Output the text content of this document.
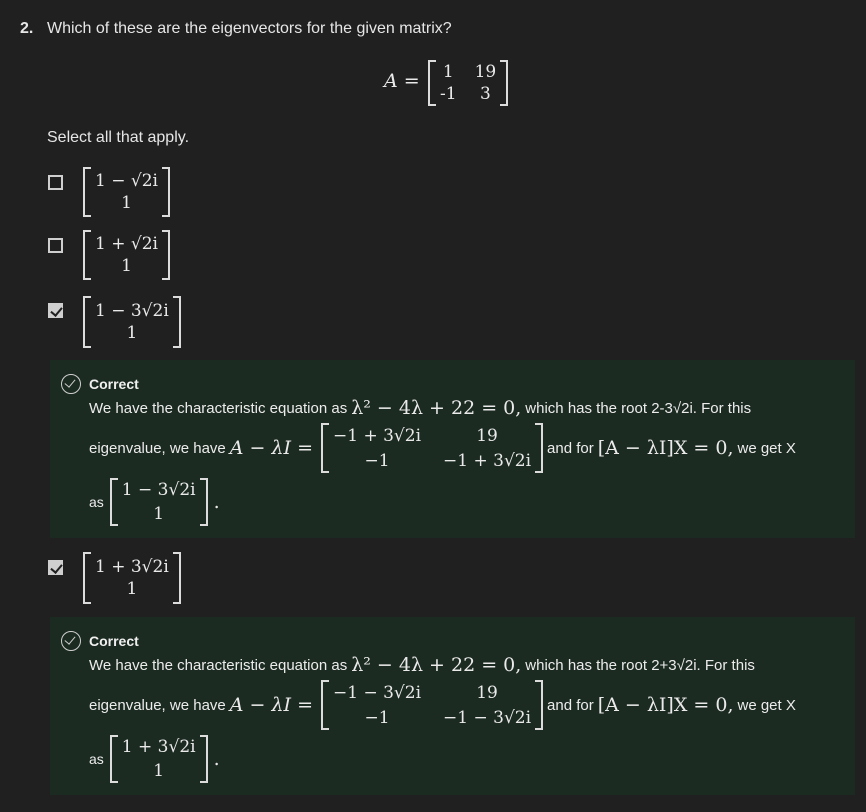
2. Which of these are the eigenvectors for the given matrix?
A = 1 19
-1 3
Select all that apply.
1 − √2i
1
1 + √2i
1
1 − 3√2i
1
Correct
We have the characteristic equation as λ² − 4λ + 22 = 0, which has the root 2-3√2i. For this
eigenvalue, we have A − λI =
−1 + 3√2i	19
−1	−1 + 3√2i
and for [A − λI]X = 0, we get X
as
1 − 3√2i
1
.
1 + 3√2i
1
Correct
We have the characteristic equation as λ² − 4λ + 22 = 0, which has the root 2+3√2i. For this
eigenvalue, we have A − λI =
−1 − 3√2i	19
−1	−1 − 3√2i
and for [A − λI]X = 0, we get X
as
1 + 3√2i
1
.
